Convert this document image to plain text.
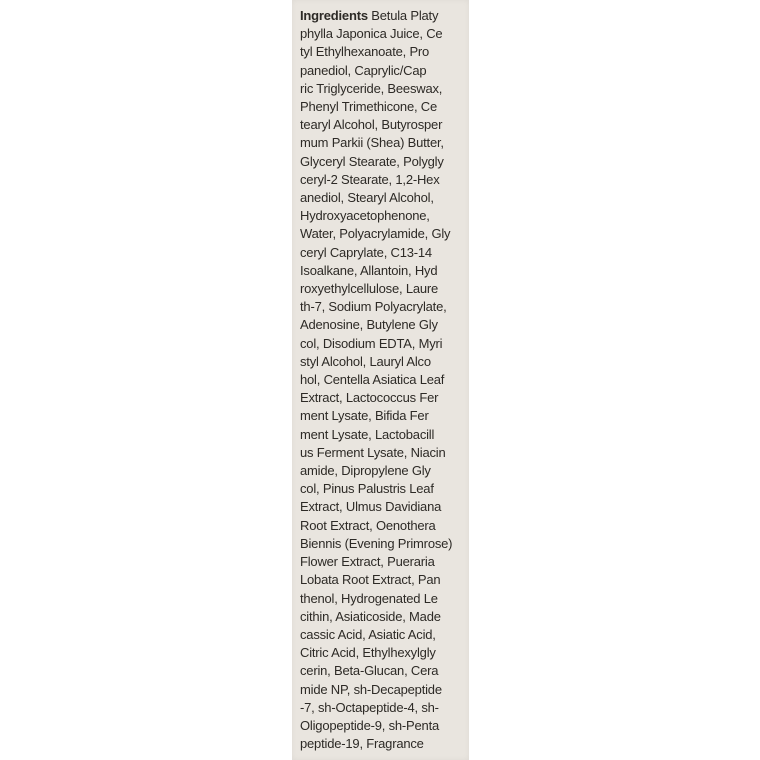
Ingredients Betula Platy
phylla Japonica Juice, Ce
tyl Ethylhexanoate, Pro
panediol, Caprylic/Cap
ric Triglyceride, Beeswax,
Phenyl Trimethicone, Ce
tearyl Alcohol, Butyrosper
mum Parkii (Shea) Butter,
Glyceryl Stearate, Polygly
ceryl-2 Stearate, 1,2-Hex
anediol, Stearyl Alcohol,
Hydroxyacetophenone,
Water, Polyacrylamide, Gly
ceryl Caprylate, C13-14
Isoalkane, Allantoin, Hyd
roxyethylcellulose, Laure
th-7, Sodium Polyacrylate,
Adenosine, Butylene Gly
col, Disodium EDTA, Myri
styl Alcohol, Lauryl Alco
hol, Centella Asiatica Leaf
Extract, Lactococcus Fer
ment Lysate, Bifida Fer
ment Lysate, Lactobacill
us Ferment Lysate, Niacin
amide, Dipropylene Gly
col, Pinus Palustris Leaf
Extract, Ulmus Davidiana
Root Extract, Oenothera
Biennis (Evening Primrose)
Flower Extract, Pueraria
Lobata Root Extract, Pan
thenol, Hydrogenated Le
cithin, Asiaticoside, Made
cassic Acid, Asiatic Acid,
Citric Acid, Ethylhexylgly
cerin, Beta-Glucan, Cera
mide NP, sh-Decapeptide
-7, sh-Octapeptide-4, sh-
Oligopeptide-9, sh-Penta
peptide-19, Fragrance
